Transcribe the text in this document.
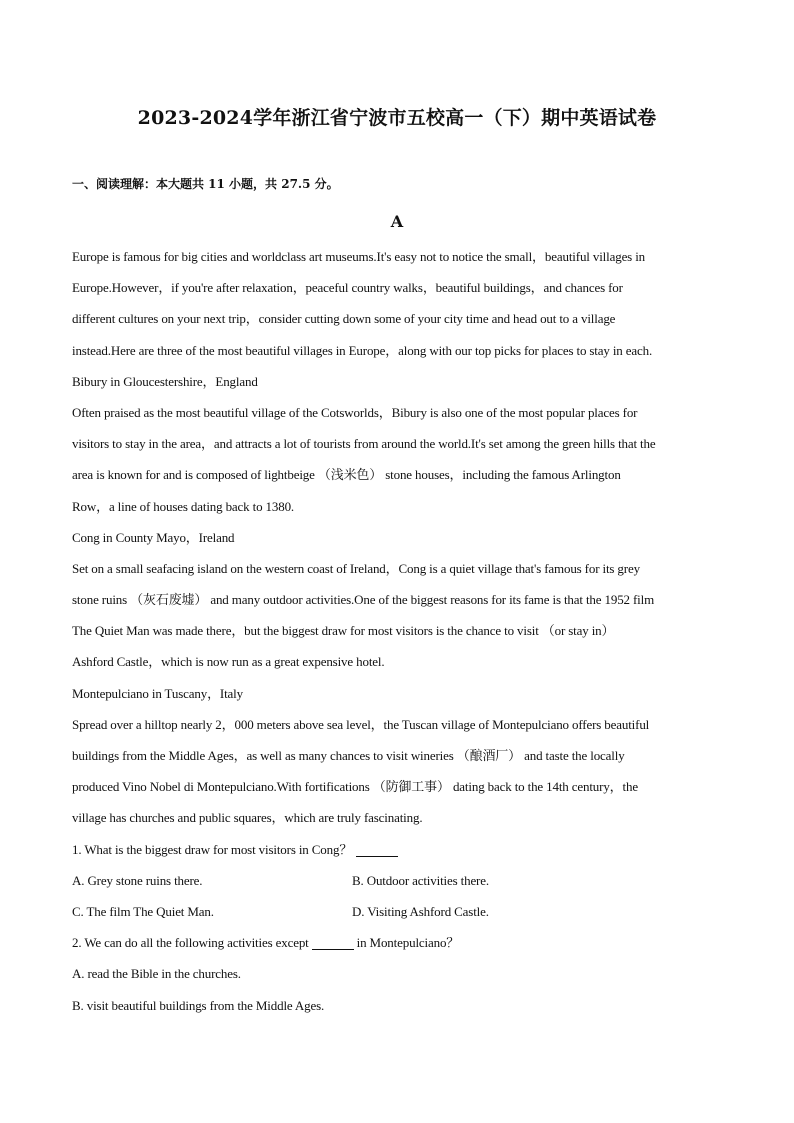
2023-2024学年浙江省宁波市五校高一（下）期中英语试卷
一、阅读理解：本大题共 11 小题，共 27.5 分。
A
Europe is famous for big cities and worldclass art museums.It's easy not to notice the small，beautiful villages in
Europe.However，if you're after relaxation，peaceful country walks，beautiful buildings，and chances for
different cultures on your next trip，consider cutting down some of your city time and head out to a village
instead.Here are three of the most beautiful villages in Europe，along with our top picks for places to stay in each.
Bibury in Gloucestershire，England
Often praised as the most beautiful village of the Cotsworlds，Bibury is also one of the most popular places for
visitors to stay in the area，and attracts a lot of tourists from around the world.It's set among the green hills that the
area is known for and is composed of lightbeige （浅米色） stone houses，including the famous Arlington
Row，a line of houses dating back to 1380.
Cong in County Mayo，Ireland
Set on a small seafacing island on the western coast of Ireland，Cong is a quiet village that's famous for its grey
stone ruins （灰石废墟） and many outdoor activities.One of the biggest reasons for its fame is that the 1952 film
The Quiet Man was made there，but the biggest draw for most visitors is the chance to visit （or stay in）
Ashford Castle，which is now run as a great expensive hotel.
Montepulciano in Tuscany，Italy
Spread over a hilltop nearly 2，000 meters above sea level，the Tuscan village of Montepulciano offers beautiful
buildings from the Middle Ages，as well as many chances to visit wineries （酿酒厂） and taste the locally
produced Vino Nobel di Montepulciano.With fortifications （防御工事） dating back to the 14th century，the
village has churches and public squares，which are truly fascinating.
1. What is the biggest draw for most visitors in Cong？
A. Grey stone ruins there.	B. Outdoor activities there.
C. The film The Quiet Man.	D. Visiting Ashford Castle.
2. We can do all the following activities except	in Montepulciano？
A. read the Bible in the churches.
B. visit beautiful buildings from the Middle Ages.
